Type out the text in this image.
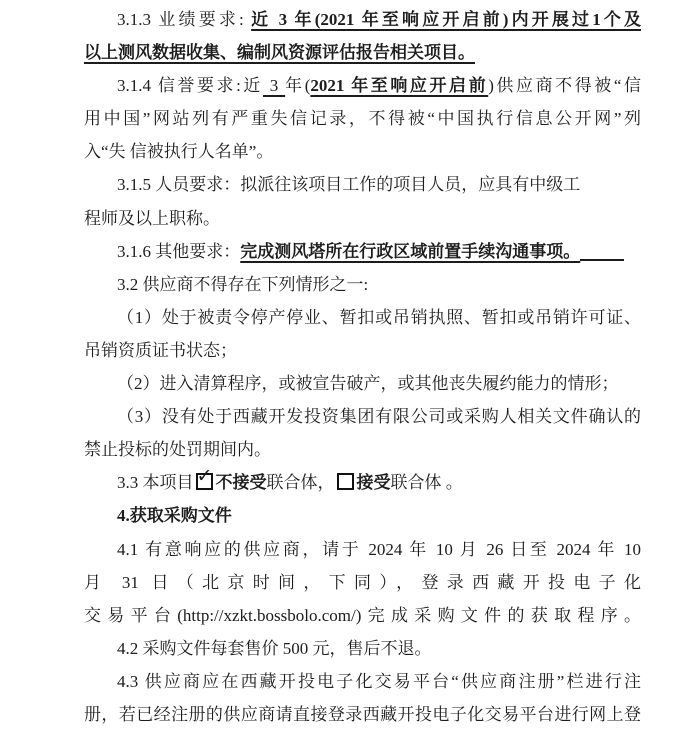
3.1.3 业绩要求: 近 3 年(2021 年至响应开启前)内开展过1个及
以上测风数据收集、编制风资源评估报告相关项目。
3.1.4 信誉要求:近 3 年(2021 年至响应开启前)供应商不得被“信
用中国”网站列有严重失信记录，不得被“中国执行信息公开网”列
入“失 信被执行人名单”。
3.1.5 人员要求：拟派往该项目工作的项目人员，应具有中级工
程师及以上职称。
3.1.6 其他要求：完成测风塔所在行政区域前置手续沟通事项。
3.2 供应商不得存在下列情形之一:
（1）处于被责令停产停业、暂扣或吊销执照、暂扣或吊销许可证、
吊销资质证书状态；
（2）进入清算程序，或被宣告破产，或其他丧失履约能力的情形；
（3）没有处于西藏开发投资集团有限公司或采购人相关文件确认的
禁止投标的处罚期间内。
3.3 本项目 ✓ 不接受联合体， 接受联合体 。
4.获取采购文件
4.1 有意响应的供应商，请于 2024 年 10 月 26 日至 2024 年 10
月 31 日（北京时间，下同），登录西藏开投电子化
交易平台(http://xzkt.bossbolo.com/)完成采购文件的获取程序。
4.2 采购文件每套售价 500 元，售后不退。
4.3 供应商应在西藏开投电子化交易平台“供应商注册”栏进行注
册，若已经注册的供应商请直接登录西藏开投电子化交易平台进行网上登
